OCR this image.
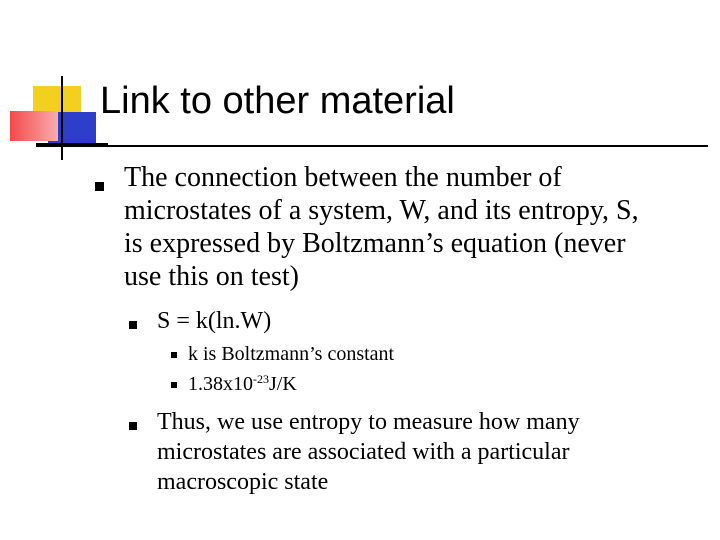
Link to other material
The connection between the number of microstates of a system, W, and its entropy, S, is expressed by Boltzmann’s equation (never use this on test)
S = k(ln.W)
k is Boltzmann’s constant
$1.38x10^{-23}J/K$
Thus, we use entropy to measure how many microstates are associated with a particular macroscopic state
